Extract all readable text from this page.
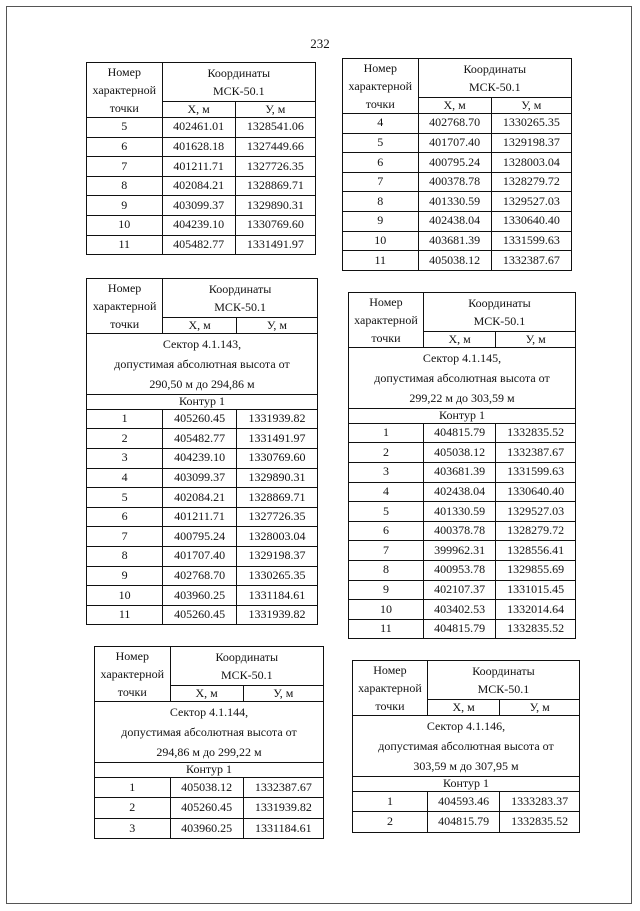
232
Номер
характерной
точки	Координаты
МСК-50.1	
	Х, м	У, м
5	402461.01	1328541.06
6	401628.18	1327449.66
7	401211.71	1327726.35
8	402084.21	1328869.71
9	403099.37	1329890.31
10	404239.10	1330769.60
11	405482.77	1331491.97
Номер
характерной
точки	Координаты
МСК-50.1	
	Х, м	У, м
4	402768.70	1330265.35
5	401707.40	1329198.37
6	400795.24	1328003.04
7	400378.78	1328279.72
8	401330.59	1329527.03
9	402438.04	1330640.40
10	403681.39	1331599.63
11	405038.12	1332387.67
Номер
характерной
точки	Координаты
МСК-50.1	
	Х, м	У, м
Сектор 4.1.143,
допустимая абсолютная высота от
290,50 м до 294,86 м		
Контур 1		
1	405260.45	1331939.82
2	405482.77	1331491.97
3	404239.10	1330769.60
4	403099.37	1329890.31
5	402084.21	1328869.71
6	401211.71	1327726.35
7	400795.24	1328003.04
8	401707.40	1329198.37
9	402768.70	1330265.35
10	403960.25	1331184.61
11	405260.45	1331939.82
Номер
характерной
точки	Координаты
МСК-50.1	
	Х, м	У, м
Сектор 4.1.145,
допустимая абсолютная высота от
299,22 м до 303,59 м		
Контур 1		
1	404815.79	1332835.52
2	405038.12	1332387.67
3	403681.39	1331599.63
4	402438.04	1330640.40
5	401330.59	1329527.03
6	400378.78	1328279.72
7	399962.31	1328556.41
8	400953.78	1329855.69
9	402107.37	1331015.45
10	403402.53	1332014.64
11	404815.79	1332835.52
Номер
характерной
точки	Координаты
МСК-50.1	
	Х, м	У, м
Сектор 4.1.144,
допустимая абсолютная высота от
294,86 м до 299,22 м		
Контур 1		
1	405038.12	1332387.67
2	405260.45	1331939.82
3	403960.25	1331184.61
Номер
характерной
точки	Координаты
МСК-50.1	
	Х, м	У, м
Сектор 4.1.146,
допустимая абсолютная высота от
303,59 м до 307,95 м		
Контур 1		
1	404593.46	1333283.37
2	404815.79	1332835.52
